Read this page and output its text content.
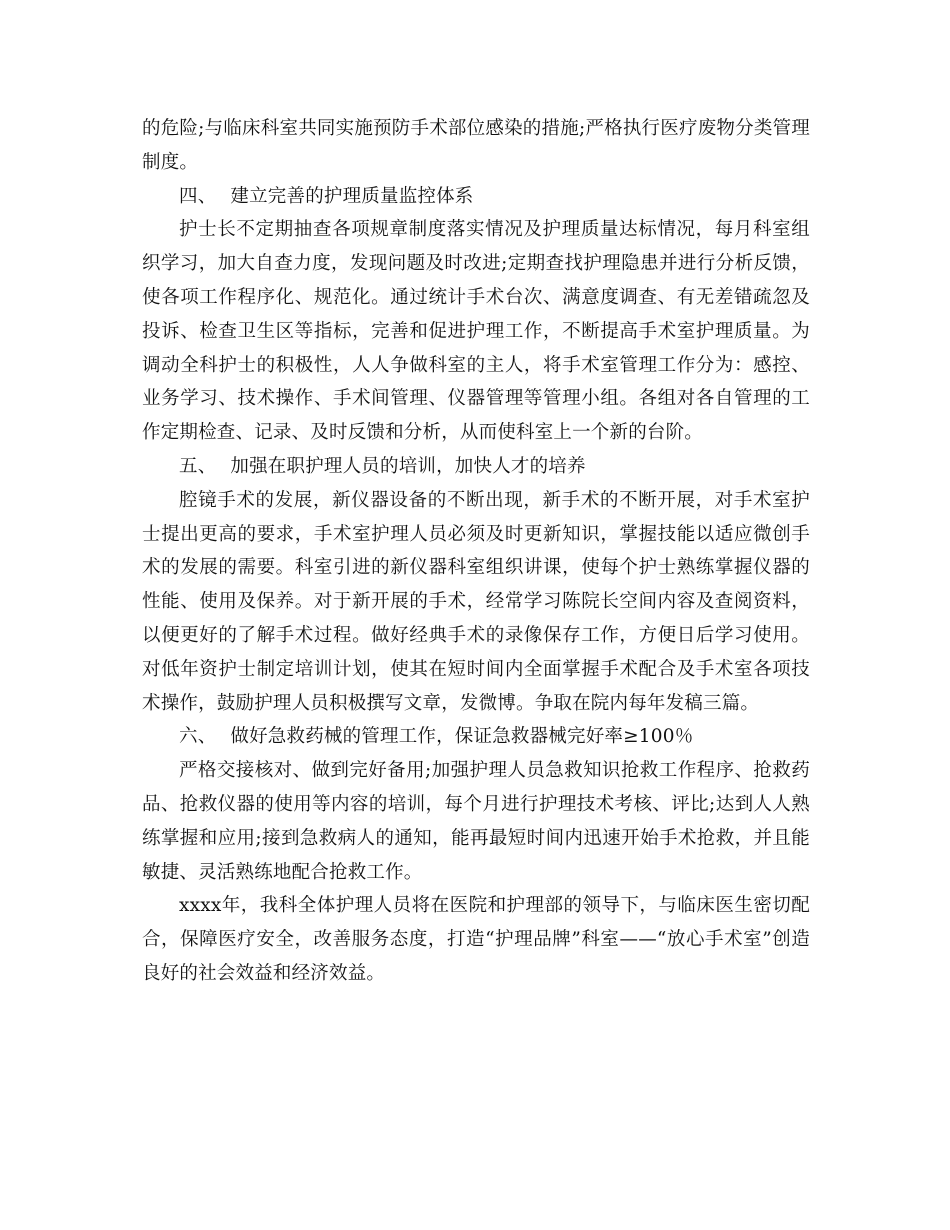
的危险;与临床科室共同实施预防手术部位感染的措施;严格执行医疗废物分类管理制度。

四、 建立完善的护理质量监控体系

护士长不定期抽查各项规章制度落实情况及护理质量达标情况，每月科室组织学习，加大自查力度，发现问题及时改进;定期查找护理隐患并进行分析反馈，使各项工作程序化、规范化。通过统计手术台次、满意度调查、有无差错疏忽及投诉、检查卫生区等指标，完善和促进护理工作，不断提高手术室护理质量。为调动全科护士的积极性，人人争做科室的主人，将手术室管理工作分为：感控、业务学习、技术操作、手术间管理、仪器管理等管理小组。各组对各自管理的工作定期检查、记录、及时反馈和分析，从而使科室上一个新的台阶。

五、 加强在职护理人员的培训，加快人才的培养

腔镜手术的发展，新仪器设备的不断出现，新手术的不断开展，对手术室护士提出更高的要求，手术室护理人员必须及时更新知识，掌握技能以适应微创手术的发展的需要。科室引进的新仪器科室组织讲课，使每个护士熟练掌握仪器的性能、使用及保养。对于新开展的手术，经常学习陈院长空间内容及查阅资料，以便更好的了解手术过程。做好经典手术的录像保存工作，方便日后学习使用。对低年资护士制定培训计划，使其在短时间内全面掌握手术配合及手术室各项技术操作，鼓励护理人员积极撰写文章，发微博。争取在院内每年发稿三篇。

六、 做好急救药械的管理工作，保证急救器械完好率≥100％

严格交接核对、做到完好备用;加强护理人员急救知识抢救工作程序、抢救药品、抢救仪器的使用等内容的培训，每个月进行护理技术考核、评比;达到人人熟练掌握和应用;接到急救病人的通知，能再最短时间内迅速开始手术抢救，并且能敏捷、灵活熟练地配合抢救工作。

xxxx年，我科全体护理人员将在医院和护理部的领导下，与临床医生密切配合，保障医疗安全，改善服务态度，打造“护理品牌”科室——“放心手术室”创造良好的社会效益和经济效益。
